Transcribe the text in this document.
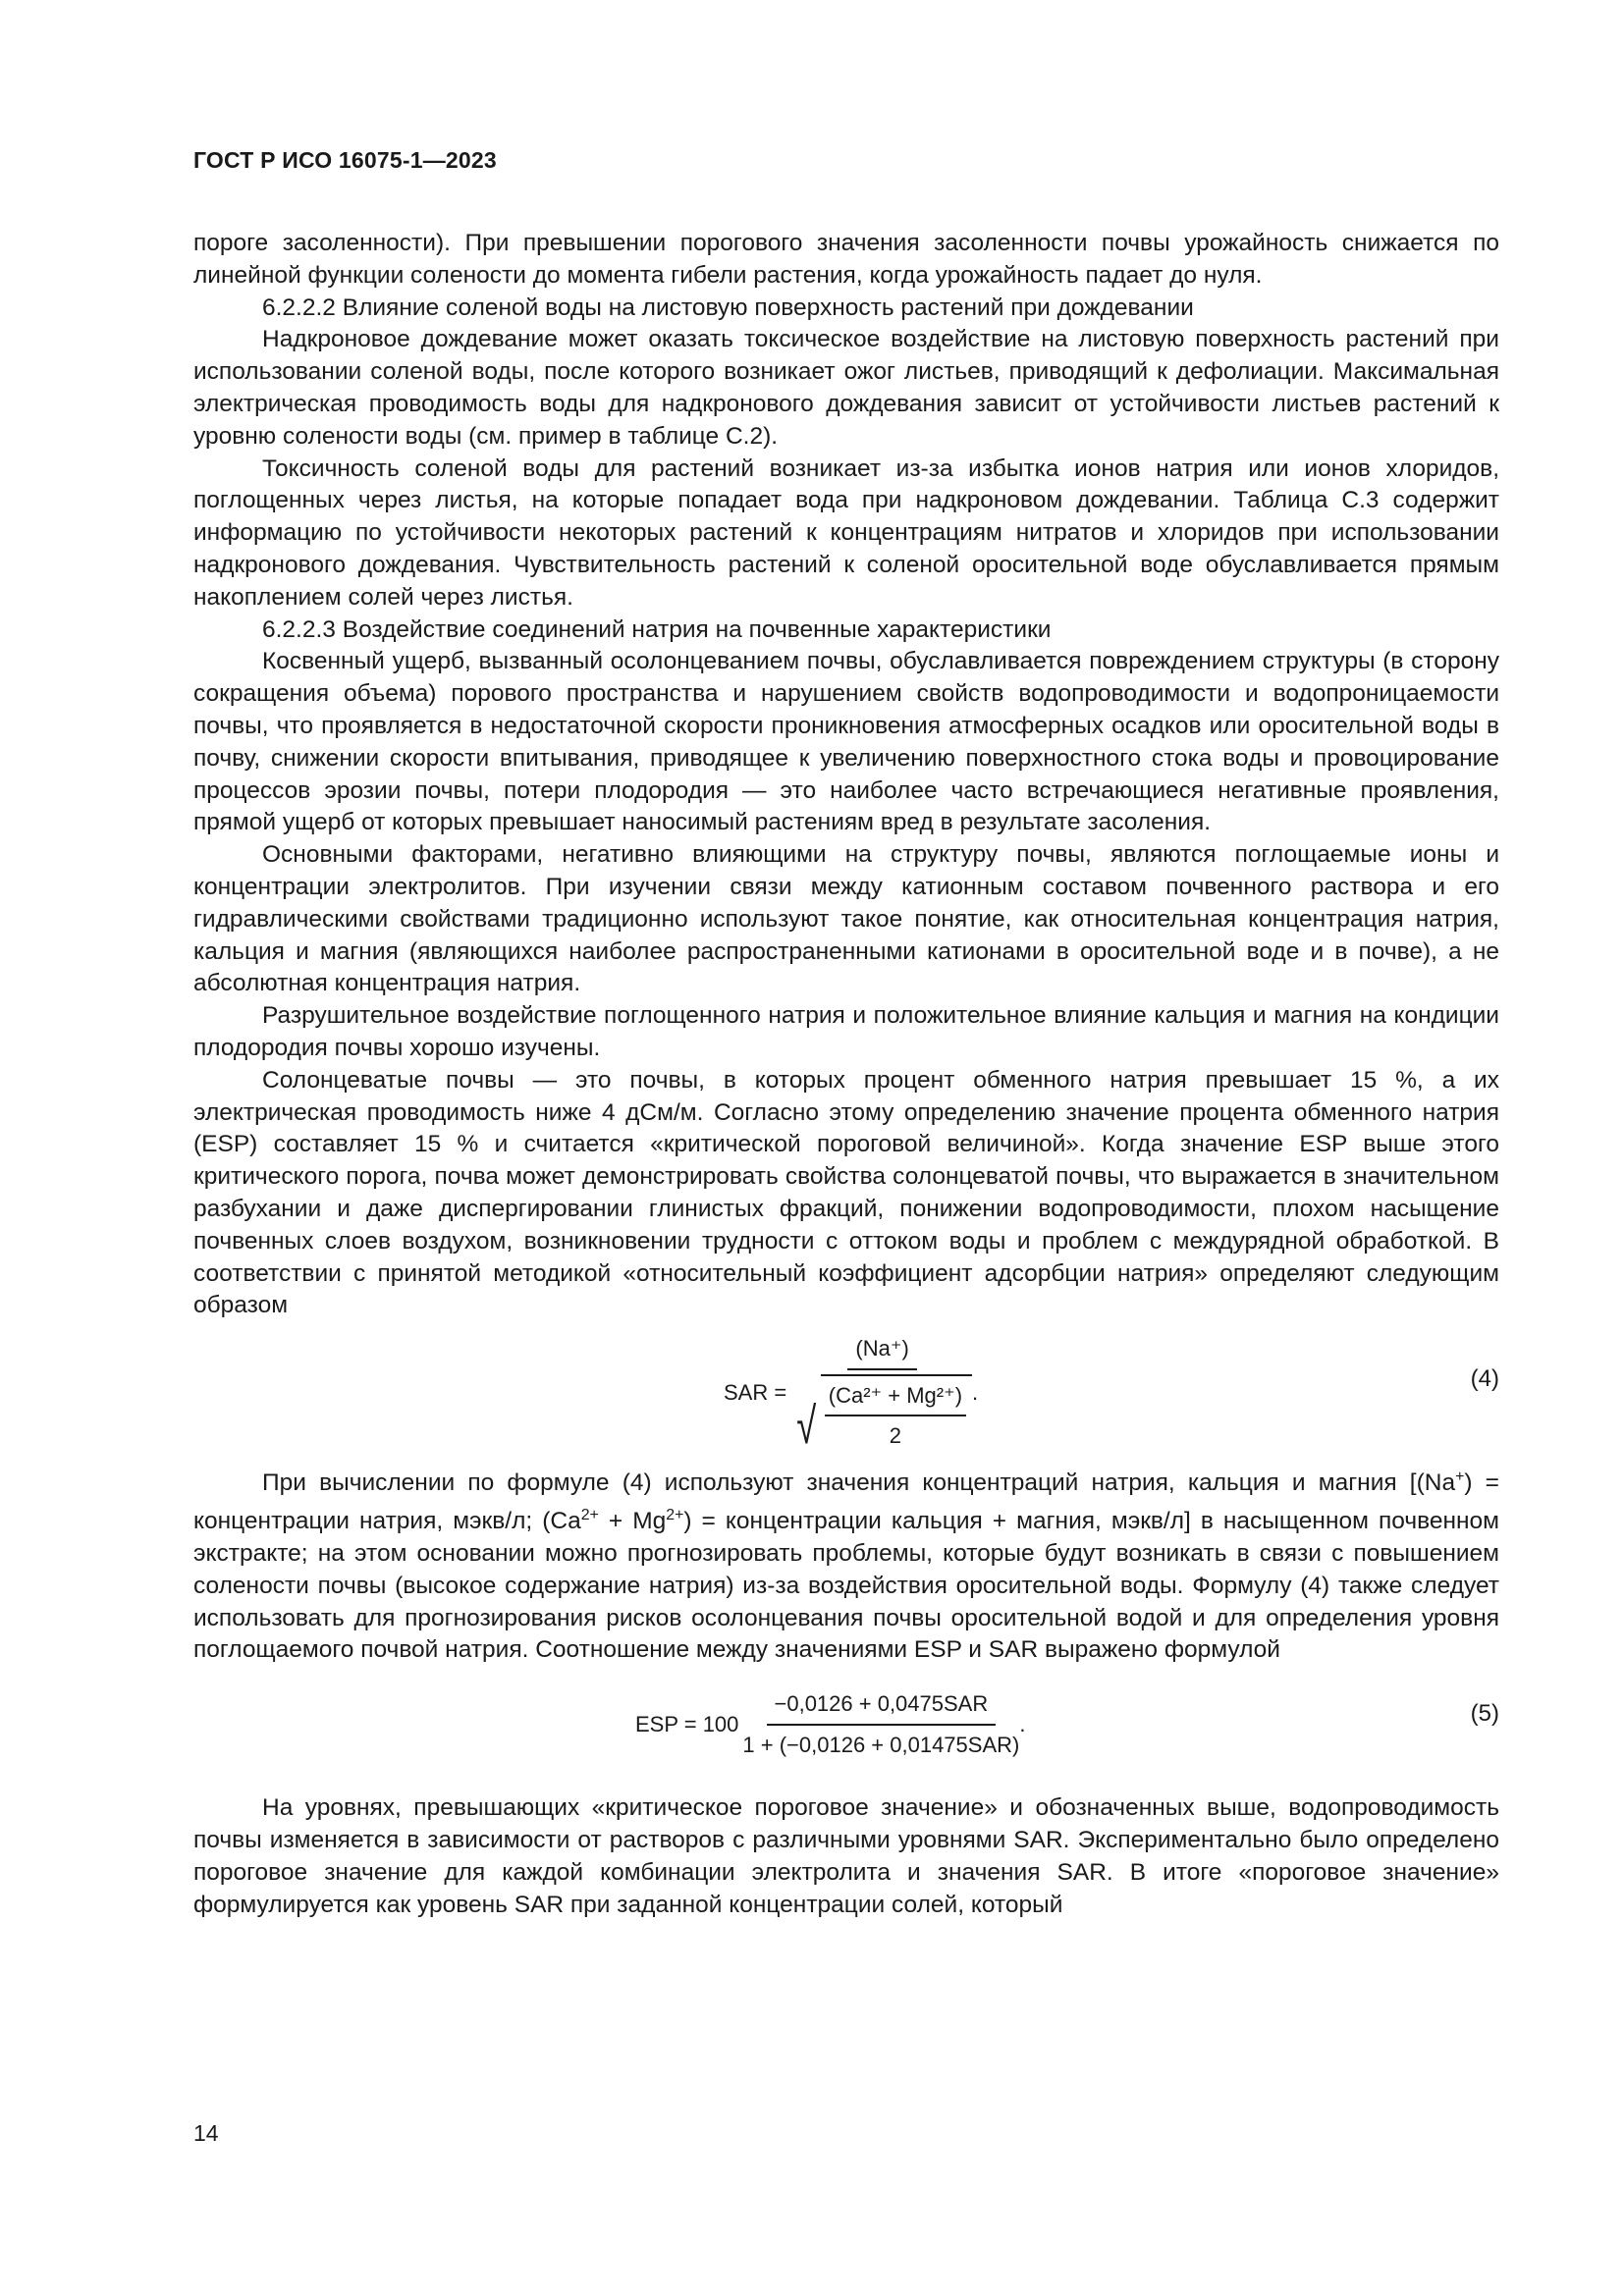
ГОСТ Р ИСО 16075-1—2023

пороге засоленности). При превышении порогового значения засоленности почвы урожайность снижается по линейной функции солености до момента гибели растения, когда урожайность падает до нуля.

6.2.2.2 Влияние соленой воды на листовую поверхность растений при дождевании

Надкроновое дождевание может оказать токсическое воздействие на листовую поверхность растений при использовании соленой воды, после которого возникает ожог листьев, приводящий к дефолиации. Максимальная электрическая проводимость воды для надкронового дождевания зависит от устойчивости листьев растений к уровню солености воды (см. пример в таблице С.2).

Токсичность соленой воды для растений возникает из-за избытка ионов натрия или ионов хлоридов, поглощенных через листья, на которые попадает вода при надкроновом дождевании. Таблица С.3 содержит информацию по устойчивости некоторых растений к концентрациям нитратов и хлоридов при использовании надкронового дождевания. Чувствительность растений к соленой оросительной воде обуславливается прямым накоплением солей через листья.

6.2.2.3 Воздействие соединений натрия на почвенные характеристики

Косвенный ущерб, вызванный осолонцеванием почвы, обуславливается повреждением структуры (в сторону сокращения объема) порового пространства и нарушением свойств водопроводимости и водопроницаемости почвы, что проявляется в недостаточной скорости проникновения атмосферных осадков или оросительной воды в почву, снижении скорости впитывания, приводящее к увеличению поверхностного стока воды и провоцирование процессов эрозии почвы, потери плодородия — это наиболее часто встречающиеся негативные проявления, прямой ущерб от которых превышает наносимый растениям вред в результате засоления.

Основными факторами, негативно влияющими на структуру почвы, являются поглощаемые ионы и концентрации электролитов. При изучении связи между катионным составом почвенного раствора и его гидравлическими свойствами традиционно используют такое понятие, как относительная концентрация натрия, кальция и магния (являющихся наиболее распространенными катионами в оросительной воде и в почве), а не абсолютная концентрация натрия.

Разрушительное воздействие поглощенного натрия и положительное влияние кальция и магния на кондиции плодородия почвы хорошо изучены.

Солонцеватые почвы — это почвы, в которых процент обменного натрия превышает 15 %, а их электрическая проводимость ниже 4 дСм/м. Согласно этому определению значение процента обменного натрия (ESP) составляет 15 % и считается «критической пороговой величиной». Когда значение ESP выше этого критического порога, почва может демонстрировать свойства солонцеватой почвы, что выражается в значительном разбухании и даже диспергировании глинистых фракций, понижении водопроводимости, плохом насыщение почвенных слоев воздухом, возникновении трудности с оттоком воды и проблем с междурядной обработкой. В соответствии с принятой методикой «относительный коэффициент адсорбции натрия» определяют следующим образом

SAR = (Na⁺)
√
(Ca²⁺ + Mg²⁺)
2 .
(4)

При вычислении по формуле (4) используют значения концентраций натрия, кальция и магния [(Na+) = концентрации натрия, мэкв/л; $(Ca^{2+} + Mg^{2+})$ = концентрации кальция + магния, мэкв/л] в насыщенном почвенном экстракте; на этом основании можно прогнозировать проблемы, которые будут возникать в связи с повышением солености почвы (высокое содержание натрия) из-за воздействия оросительной воды. Формулу (4) также следует использовать для прогнозирования рисков осолонцевания почвы оросительной водой и для определения уровня поглощаемого почвой натрия. Соотношение между значениями ESP и SAR выражено формулой

ESP = $100 \frac{\text{−0,0126 + 0,0475SAR}}{\text{1 + (−0,0126 + 0,01475SAR)}}$ .	(5)

На уровнях, превышающих «критическое пороговое значение» и обозначенных выше, водопроводимость почвы изменяется в зависимости от растворов с различными уровнями SAR. Экспериментально было определено пороговое значение для каждой комбинации электролита и значения SAR. В итоге «пороговое значение» формулируется как уровень SAR при заданной концентрации солей, который

14
